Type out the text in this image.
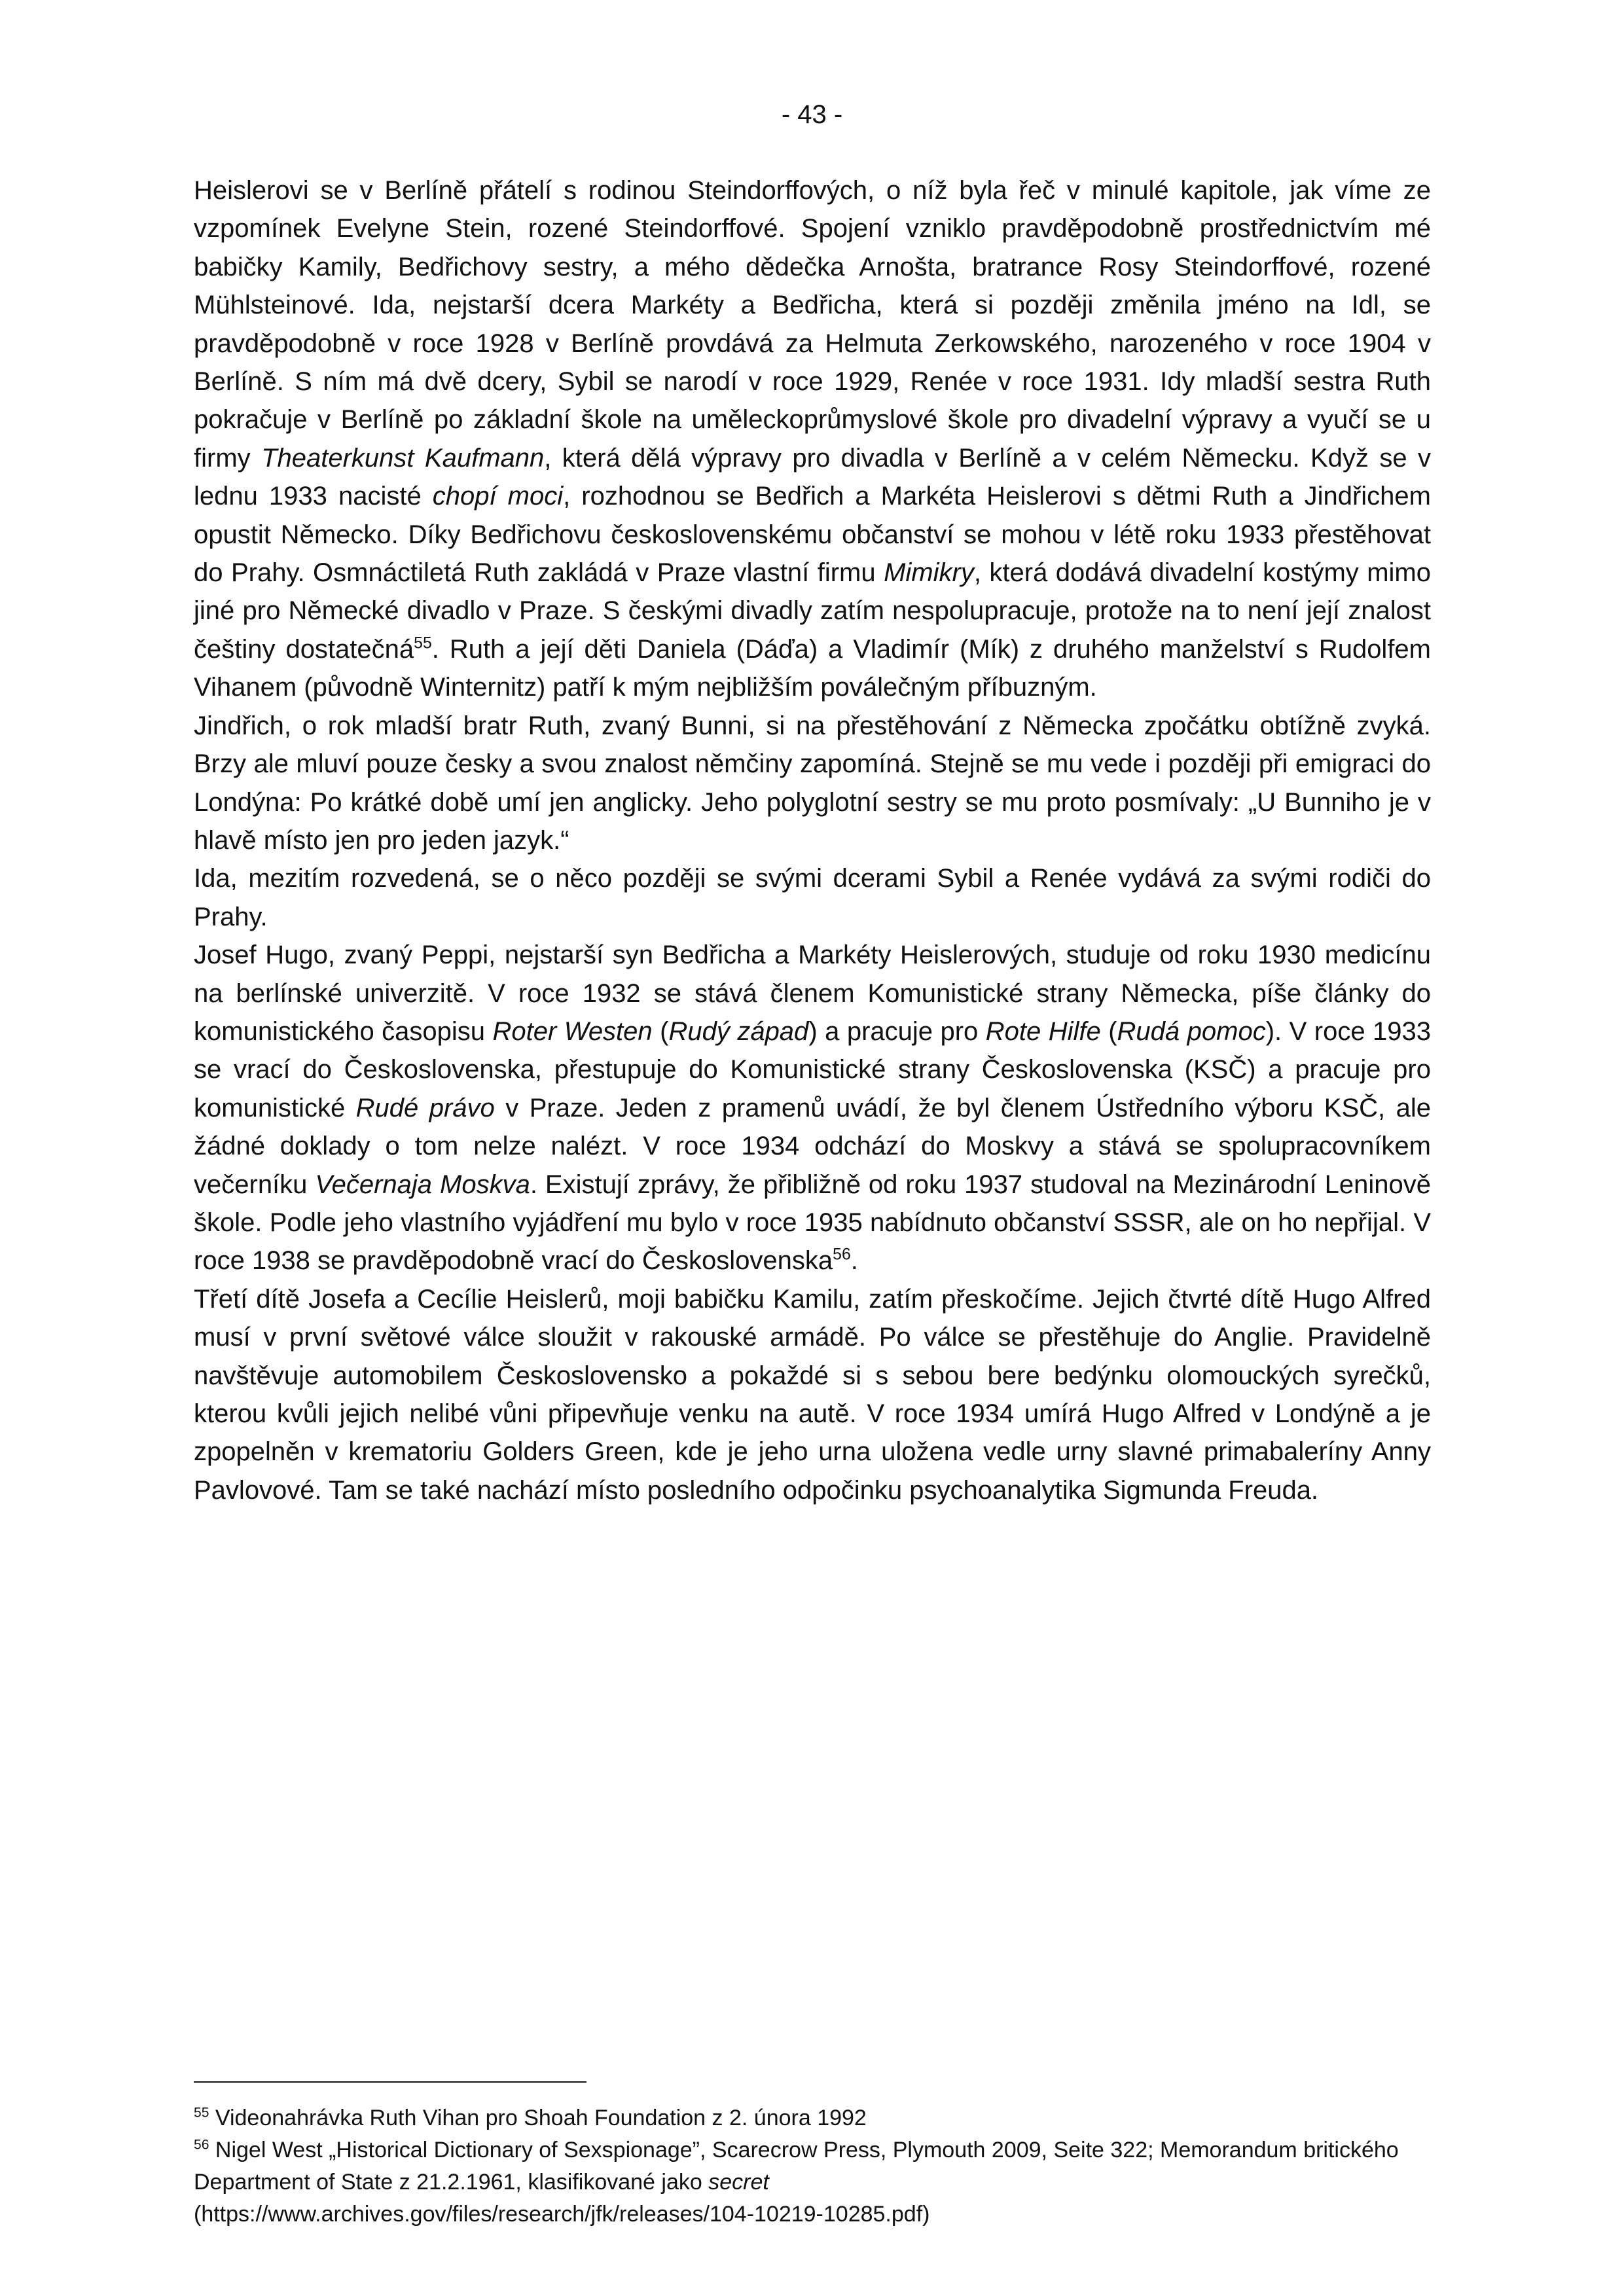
- 43 -

Heislerovi se v Berlíně přátelí s rodinou Steindorffových, o níž byla řeč v minulé kapitole, jak víme ze vzpomínek Evelyne Stein, rozené Steindorffové. Spojení vzniklo pravděpodobně prostřednictvím mé babičky Kamily, Bedřichovy sestry, a mého dědečka Arnošta, bratrance Rosy Steindorffové, rozené Mühlsteinové. Ida, nejstarší dcera Markéty a Bedřicha, která si později změnila jméno na Idl, se pravděpodobně v roce 1928 v Berlíně provdává za Helmuta Zerkowského, narozeného v roce 1904 v Berlíně. S ním má dvě dcery, Sybil se narodí v roce 1929, Renée v roce 1931. Idy mladší sestra Ruth pokračuje v Berlíně po základní škole na uměleckoprůmyslové škole pro divadelní výpravy a vyučí se u firmy Theaterkunst Kaufmann, která dělá výpravy pro divadla v Berlíně a v celém Německu. Když se v lednu 1933 nacisté chopí moci, rozhodnou se Bedřich a Markéta Heislerovi s dětmi Ruth a Jindřichem opustit Německo. Díky Bedřichovu československému občanství se mohou v létě roku 1933 přestěhovat do Prahy. Osmnáctiletá Ruth zakládá v Praze vlastní firmu Mimikry, která dodává divadelní kostýmy mimo jiné pro Německé divadlo v Praze. S českými divadly zatím nespolupracuje, protože na to není její znalost češtiny dostatečná$^{55}$. Ruth a její děti Daniela (Dáďa) a Vladimír (Mík) z druhého manželství s Rudolfem Vihanem (původně Winternitz) patří k mým nejbližším poválečným příbuzným.

Jindřich, o rok mladší bratr Ruth, zvaný Bunni, si na přestěhování z Německa zpočátku obtížně zvyká. Brzy ale mluví pouze česky a svou znalost němčiny zapomíná. Stejně se mu vede i později při emigraci do Londýna: Po krátké době umí jen anglicky. Jeho polyglotní sestry se mu proto posmívaly: „U Bunniho je v hlavě místo jen pro jeden jazyk.“

Ida, mezitím rozvedená, se o něco později se svými dcerami Sybil a Renée vydává za svými rodiči do Prahy.

Josef Hugo, zvaný Peppi, nejstarší syn Bedřicha a Markéty Heislerových, studuje od roku 1930 medicínu na berlínské univerzitě. V roce 1932 se stává členem Komunistické strany Německa, píše články do komunistického časopisu Roter Westen (Rudý západ) a pracuje pro Rote Hilfe (Rudá pomoc). V roce 1933 se vrací do Československa, přestupuje do Komunistické strany Československa (KSČ) a pracuje pro komunistické Rudé právo v Praze. Jeden z pramenů uvádí, že byl členem Ústředního výboru KSČ, ale žádné doklady o tom nelze nalézt. V roce 1934 odchází do Moskvy a stává se spolupracovníkem večerníku Večernaja Moskva. Existují zprávy, že přibližně od roku 1937 studoval na Mezinárodní Leninově škole. Podle jeho vlastního vyjádření mu bylo v roce 1935 nabídnuto občanství SSSR, ale on ho nepřijal. V roce 1938 se pravděpodobně vrací do Československa$^{56}$.

Třetí dítě Josefa a Cecílie Heislerů, moji babičku Kamilu, zatím přeskočíme. Jejich čtvrté dítě Hugo Alfred musí v první světové válce sloužit v rakouské armádě. Po válce se přestěhuje do Anglie. Pravidelně navštěvuje automobilem Československo a pokaždé si s sebou bere bedýnku olomouckých syrečků, kterou kvůli jejich nelibé vůni připevňuje venku na autě. V roce 1934 umírá Hugo Alfred v Londýně a je zpopelněn v krematoriu Golders Green, kde je jeho urna uložena vedle urny slavné primabaleríny Anny Pavlovové. Tam se také nachází místo posledního odpočinku psychoanalytika Sigmunda Freuda.

$^{55}$ Videonahrávka Ruth Vihan pro Shoah Foundation z 2. února 1992

$^{56}$ Nigel West „Historical Dictionary of Sexspionage”, Scarecrow Press, Plymouth 2009, Seite 322; Memorandum britického Department of State z 21.2.1961, klasifikované jako secret

(https://www.archives.gov/files/research/jfk/releases/104-10219-10285.pdf)
